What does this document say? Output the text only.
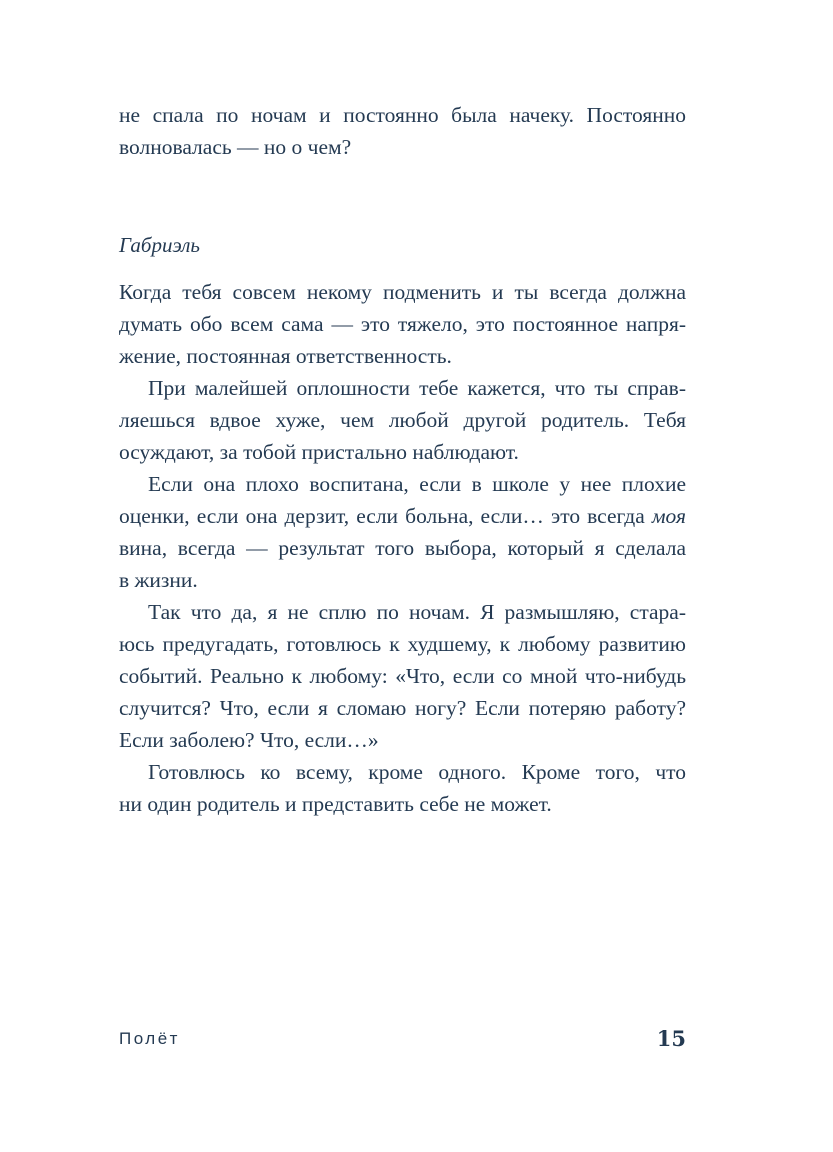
не спала по ночам и постоянно была начеку. Постоянно
волновалась — но о чем?
Габриэль
Когда тебя совсем некому подменить и ты всегда должна
думать обо всем сама — это тяжело, это постоянное напря-
жение, постоянная ответственность.
При малейшей оплошности тебе кажется, что ты справ-
ляешься вдвое хуже, чем любой другой родитель. Тебя
осуждают, за тобой пристально наблюдают.
Если она плохо воспитана, если в школе у нее плохие
оценки, если она дерзит, если больна, если… это всегда моя
вина, всегда — результат того выбора, который я сделала
в жизни.
Так что да, я не сплю по ночам. Я размышляю, стара-
юсь предугадать, готовлюсь к худшему, к любому развитию
событий. Реально к любому: «Что, если со мной что-нибудь
случится? Что, если я сломаю ногу? Если потеряю работу?
Если заболею? Что, если…»
Готовлюсь ко всему, кроме одного. Кроме того, что
ни один родитель и представить себе не может.
Полёт	15
